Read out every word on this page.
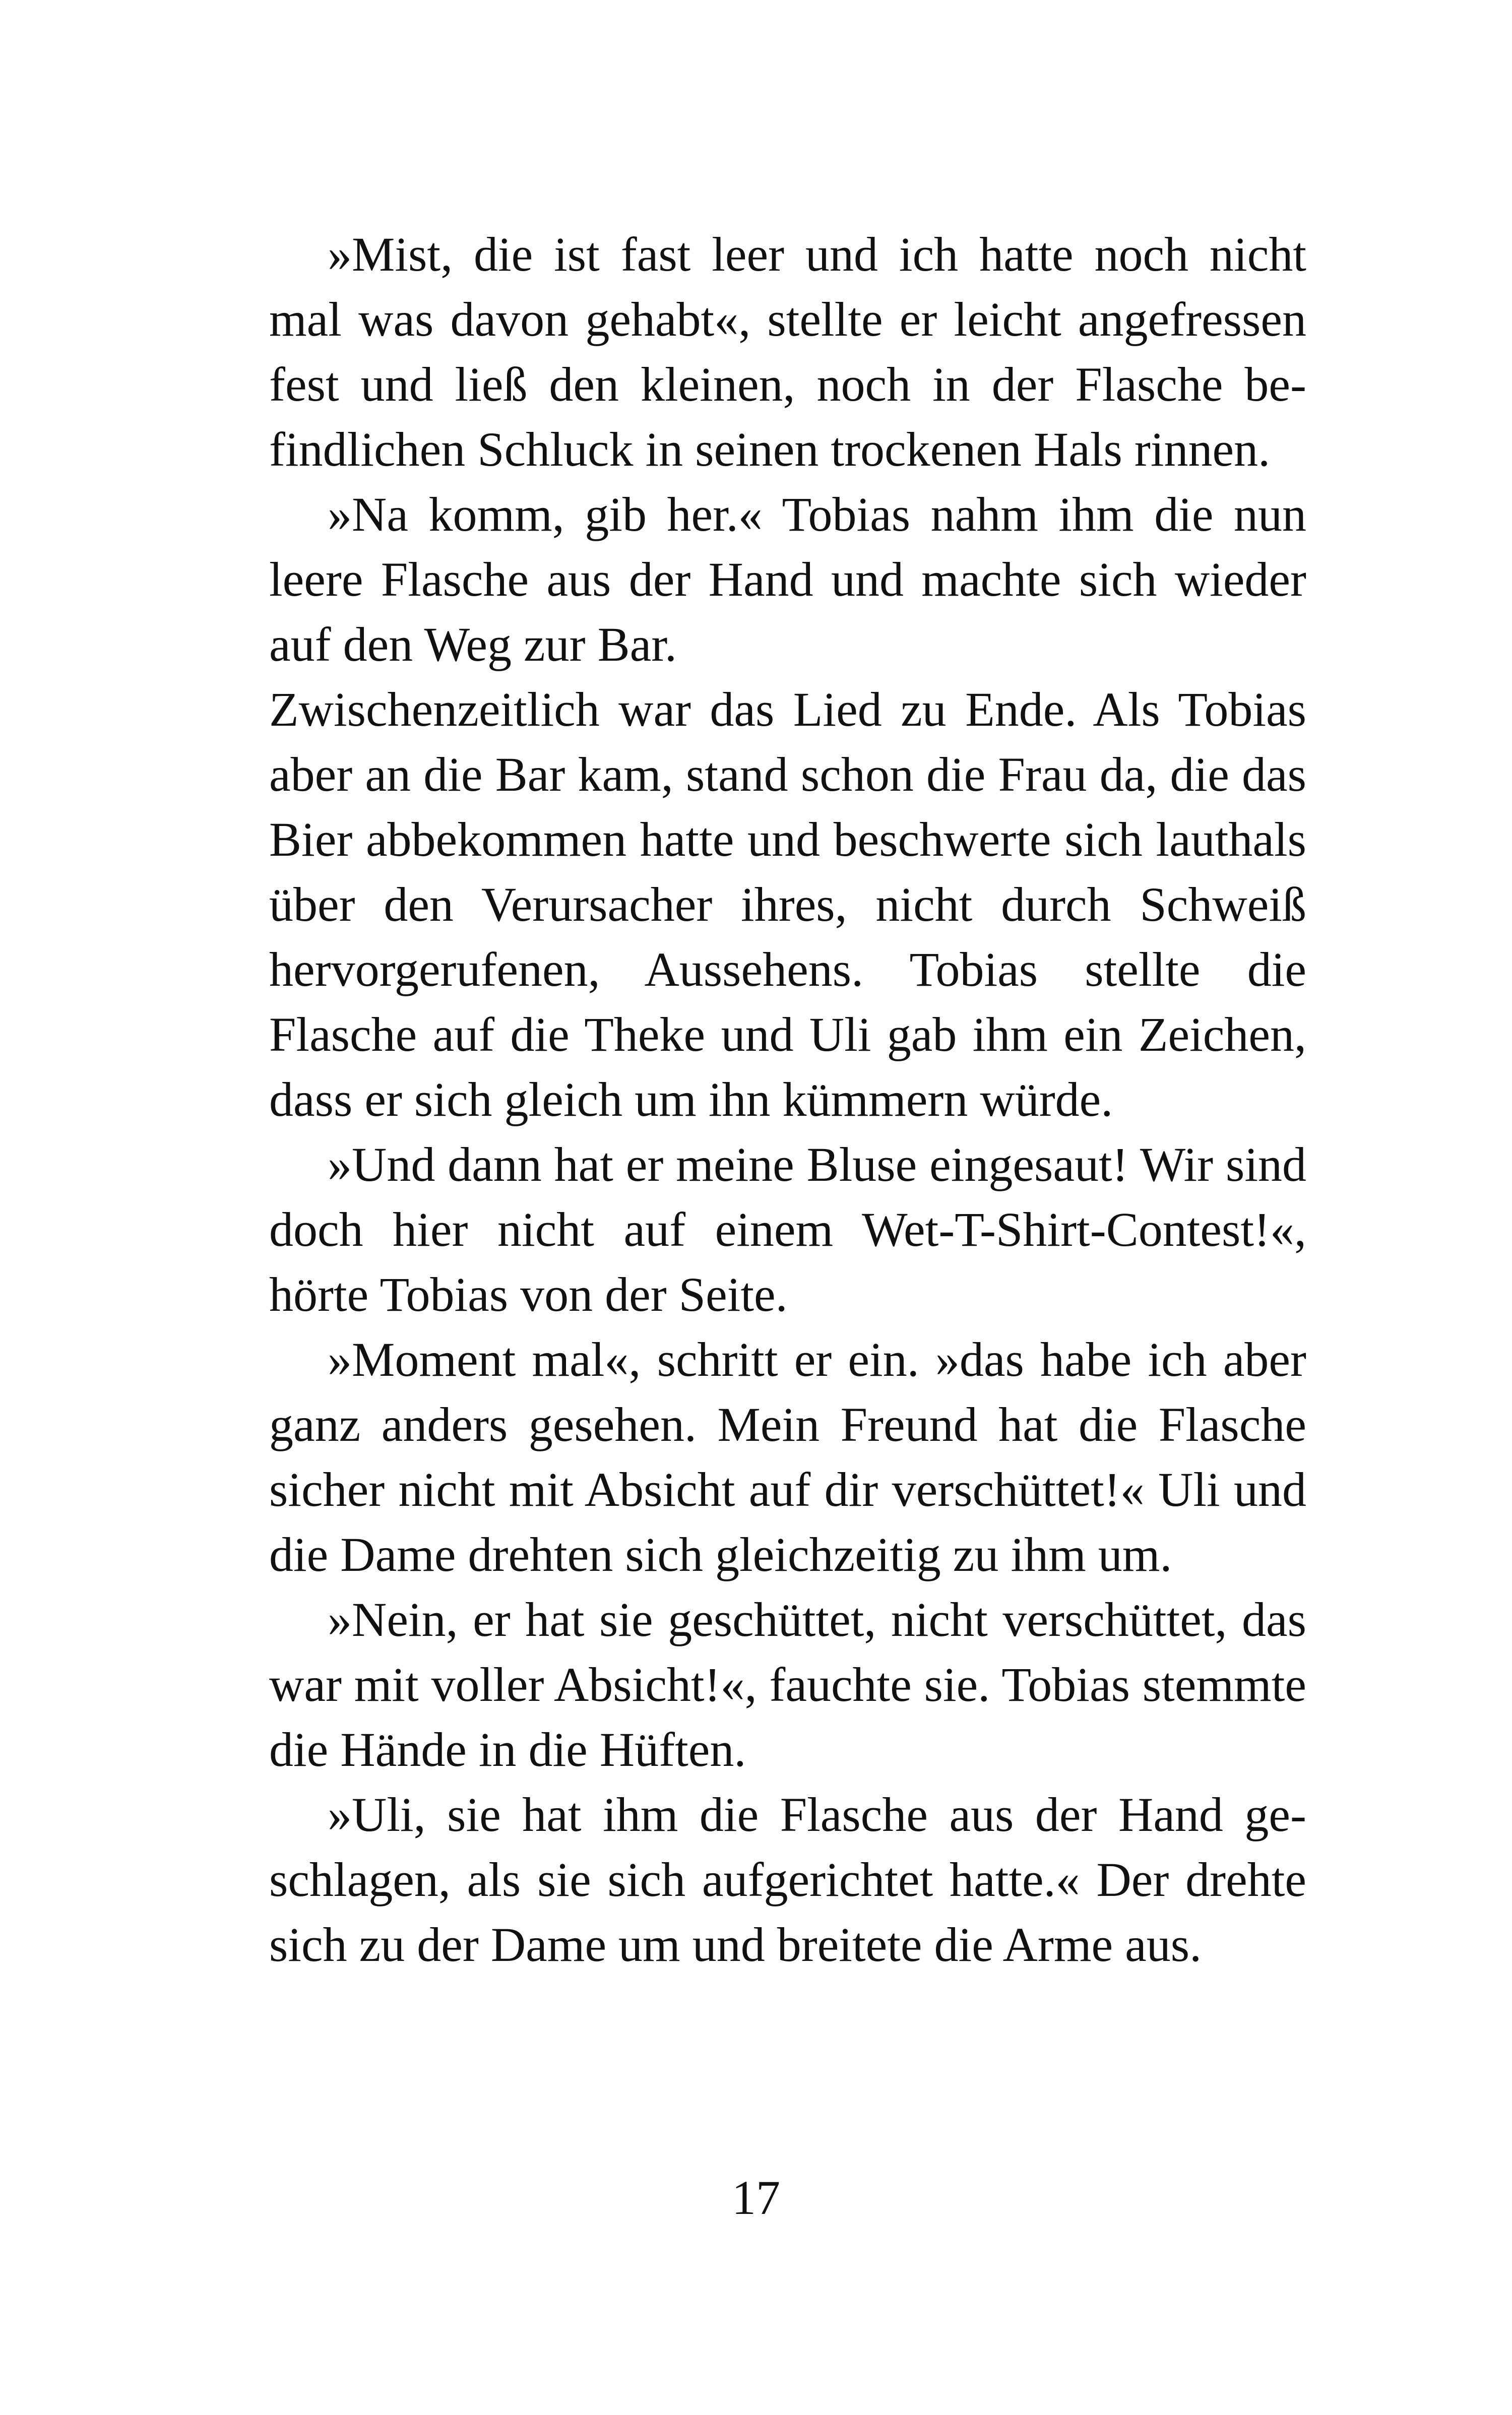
»Mist, die ist fast leer und ich hatte noch nicht mal was davon gehabt«, stellte er leicht angefressen fest und ließ den kleinen, noch in der Flasche befindlichen Schluck in seinen trockenen Hals rinnen.

»Na komm, gib her.« Tobias nahm ihm die nun leere Flasche aus der Hand und machte sich wieder auf den Weg zur Bar.

Zwischenzeitlich war das Lied zu Ende. Als Tobias aber an die Bar kam, stand schon die Frau da, die das Bier abbekommen hatte und beschwerte sich lauthals über den Verursacher ihres, nicht durch Schweiß hervorgerufenen, Aussehens. Tobias stellte die Flasche auf die Theke und Uli gab ihm ein Zeichen, dass er sich gleich um ihn kümmern würde.

»Und dann hat er meine Bluse eingesaut! Wir sind doch hier nicht auf einem Wet-T-Shirt-Contest!«, hörte Tobias von der Seite.

»Moment mal«, schritt er ein. »das habe ich aber ganz anders gesehen. Mein Freund hat die Flasche sicher nicht mit Absicht auf dir verschüttet!« Uli und die Dame drehten sich gleichzeitig zu ihm um.

»Nein, er hat sie geschüttet, nicht verschüttet, das war mit voller Absicht!«, fauchte sie. Tobias stemmte die Hände in die Hüften.

»Uli, sie hat ihm die Flasche aus der Hand geschlagen, als sie sich aufgerichtet hatte.« Der drehte sich zu der Dame um und breitete die Arme aus.

17
